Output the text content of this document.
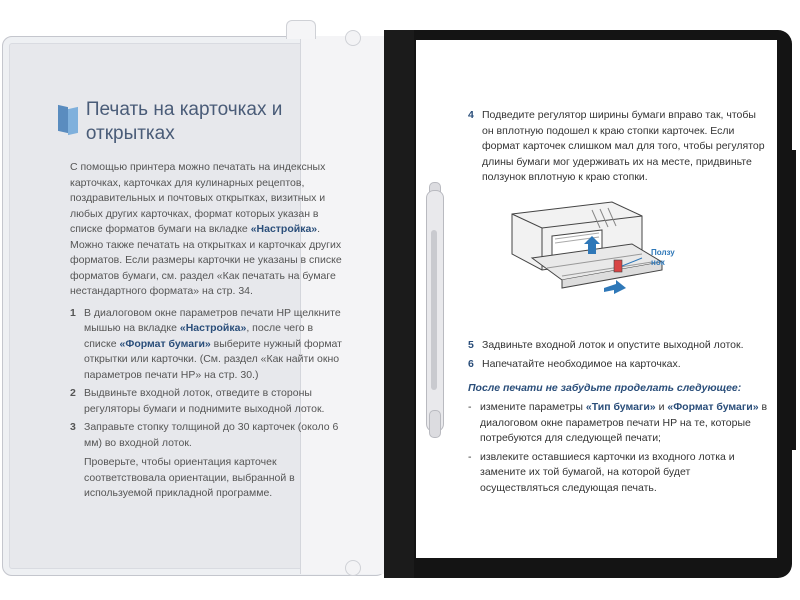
Печать на карточках и открытках
С помощью принтера можно печатать на индексных карточках, карточках для кулинарных рецептов, поздравительных и почтовых открытках, визитных и любых других карточках, формат которых указан в списке форматов бумаги на вкладке «Настройка». Можно также печатать на открытках и карточках других форматов. Если размеры карточки не указаны в списке форматов бумаги, см. раздел «Как печатать на бумаге нестандартного формата» на стр. 34.
1 В диалоговом окне параметров печати HP щелкните мышью на вкладке «Настройка», после чего в списке «Формат бумаги» выберите нужный формат открытки или карточки. (См. раздел «Как найти окно параметров печати HP» на стр. 30.)
2 Выдвиньте входной лоток, отведите в стороны регуляторы бумаги и поднимите выходной лоток.
3 Заправьте стопку толщиной до 30 карточек (около 6 мм) во входной лоток.
Проверьте, чтобы ориентация карточек соответствовала ориентации, выбранной в используемой прикладной программе.
4 Подведите регулятор ширины бумаги вправо так, чтобы он вплотную подошел к краю стопки карточек. Если формат карточек слишком мал для того, чтобы регулятор длины бумаги мог удерживать их на месте, придвиньте ползунок вплотную к краю стопки.
5 Задвиньте входной лоток и опустите выходной лоток.
6 Напечатайте необходимое на карточках.
После печати не забудьте проделать следующее:
- измените параметры «Тип бумаги» и «Формат бумаги» в диалоговом окне параметров печати HP на те, которые потребуются для следующей печати;
- извлеките оставшиеся карточки из входного лотка и замените их той бумагой, на которой будет осуществляться следующая печать.
Ползу
нок
